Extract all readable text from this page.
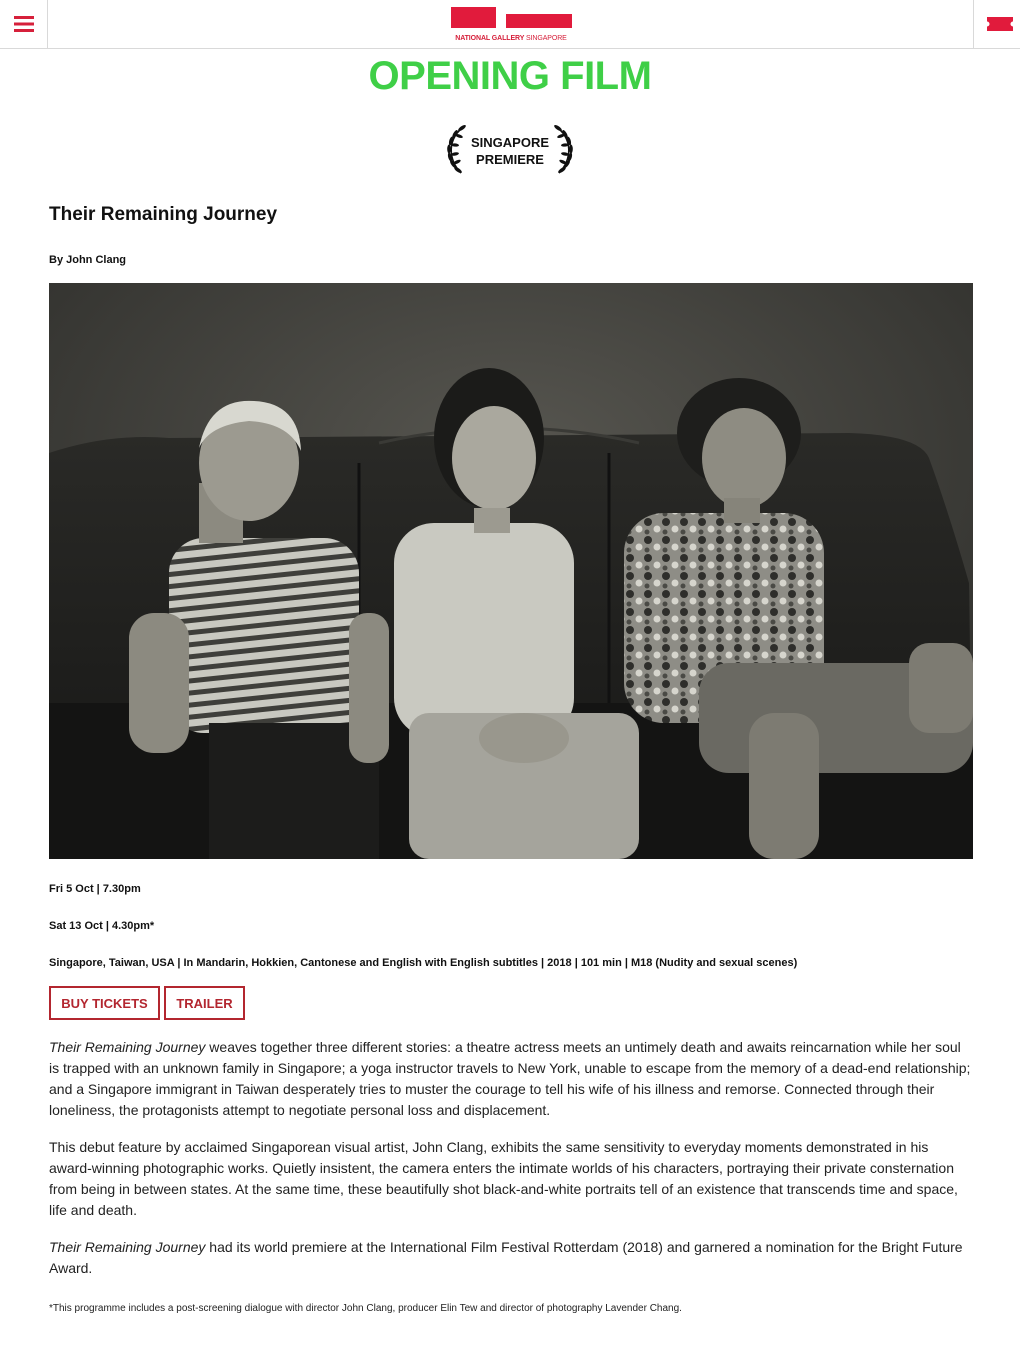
NATIONAL GALLERY SINGAPORE
OPENING FILM
SINGAPORE
PREMIERE
Their Remaining Journey

By John Clang

Fri 5 Oct | 7.30pm

Sat 13 Oct | 4.30pm*

Singapore, Taiwan, USA | In Mandarin, Hokkien, Cantonese and English with English subtitles | 2018 | 101 min | M18 (Nudity and sexual scenes)

BUY TICKETS	TRAILER

Their Remaining Journey weaves together three different stories: a theatre actress meets an untimely death and awaits reincarnation while her soul is trapped with an unknown family in Singapore; a yoga instructor travels to New York, unable to escape from the memory of a dead-end relationship; and a Singapore immigrant in Taiwan desperately tries to muster the courage to tell his wife of his illness and remorse. Connected through their loneliness, the protagonists attempt to negotiate personal loss and displacement.

This debut feature by acclaimed Singaporean visual artist, John Clang, exhibits the same sensitivity to everyday moments demonstrated in his award-winning photographic works. Quietly insistent, the camera enters the intimate worlds of his characters, portraying their private consternation from being in between states. At the same time, these beautifully shot black-and-white portraits tell of an existence that transcends time and space, life and death.

Their Remaining Journey had its world premiere at the International Film Festival Rotterdam (2018) and garnered a nomination for the Bright Future Award.

*This programme includes a post-screening dialogue with director John Clang, producer Elin Tew and director of photography Lavender Chang.
